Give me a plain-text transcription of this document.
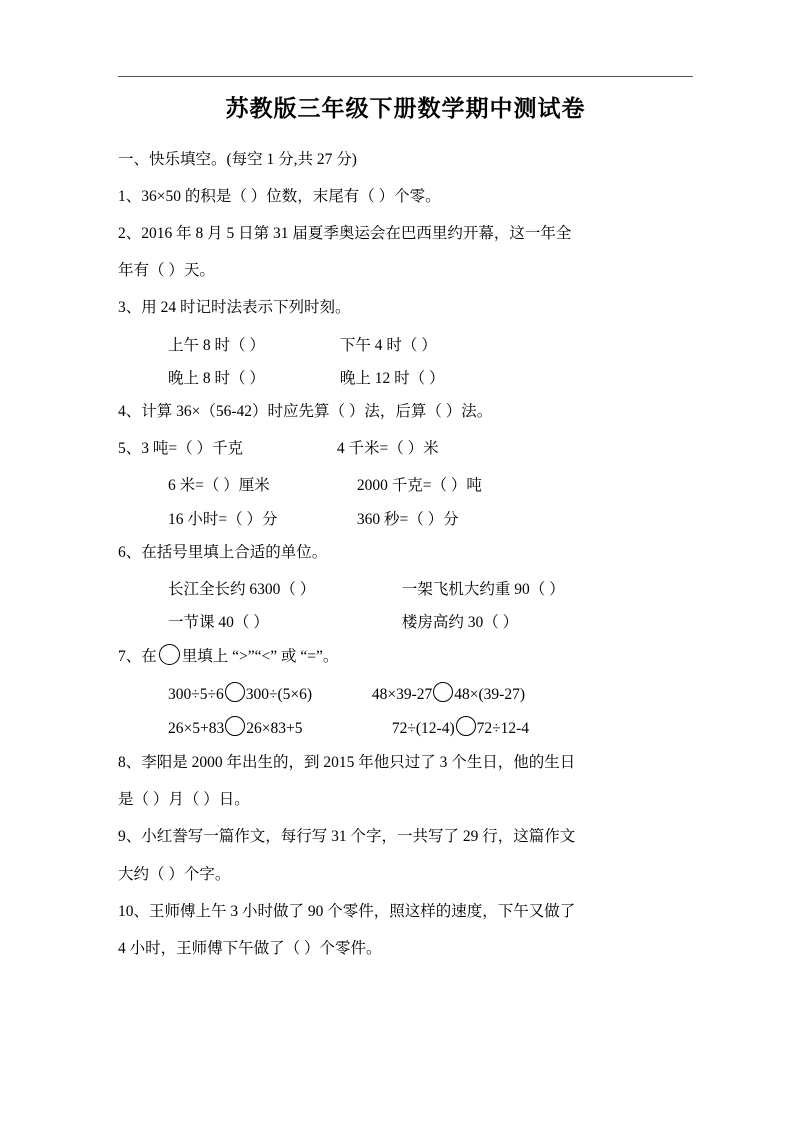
苏教版三年级下册数学期中测试卷

一、快乐填空。(每空 1 分,共 27 分)

1、36×50 的积是（ ）位数，末尾有（ ）个零。

2、2016 年 8 月 5 日第 31 届夏季奥运会在巴西里约开幕，这一年全

年有（ ）天。

3、用 24 时记时法表示下列时刻。

上午 8 时（ ）	下午 4 时（ ）
晚上 8 时（ ）	晚上 12 时（ ）

4、计算 36×（56-42）时应先算（ ）法，后算（ ）法。

5、3 吨=（ ）千克	4 千米=（ ）米
6 米=（ ）厘米	2000 千克=（ ）吨
16 小时=（ ）分	360 秒=（ ）分

6、在括号里填上合适的单位。

长江全长约 6300（ ）	一架飞机大约重 90（ ）
一节课 40（ ）	楼房高约 30（ ）

7、在 里填上 “>”“<” 或 “=”。

300÷5÷6 300÷(5×6)	48×39-27 48×(39-27)
26×5+83 26×83+5	72÷(12-4) 72÷12-4

8、李阳是 2000 年出生的，到 2015 年他只过了 3 个生日，他的生日

是（ ）月（ ）日。

9、小红誊写一篇作文，每行写 31 个字，一共写了 29 行，这篇作文

大约（ ）个字。

10、王师傅上午 3 小时做了 90 个零件，照这样的速度，下午又做了

4 小时，王师傅下午做了（ ）个零件。
